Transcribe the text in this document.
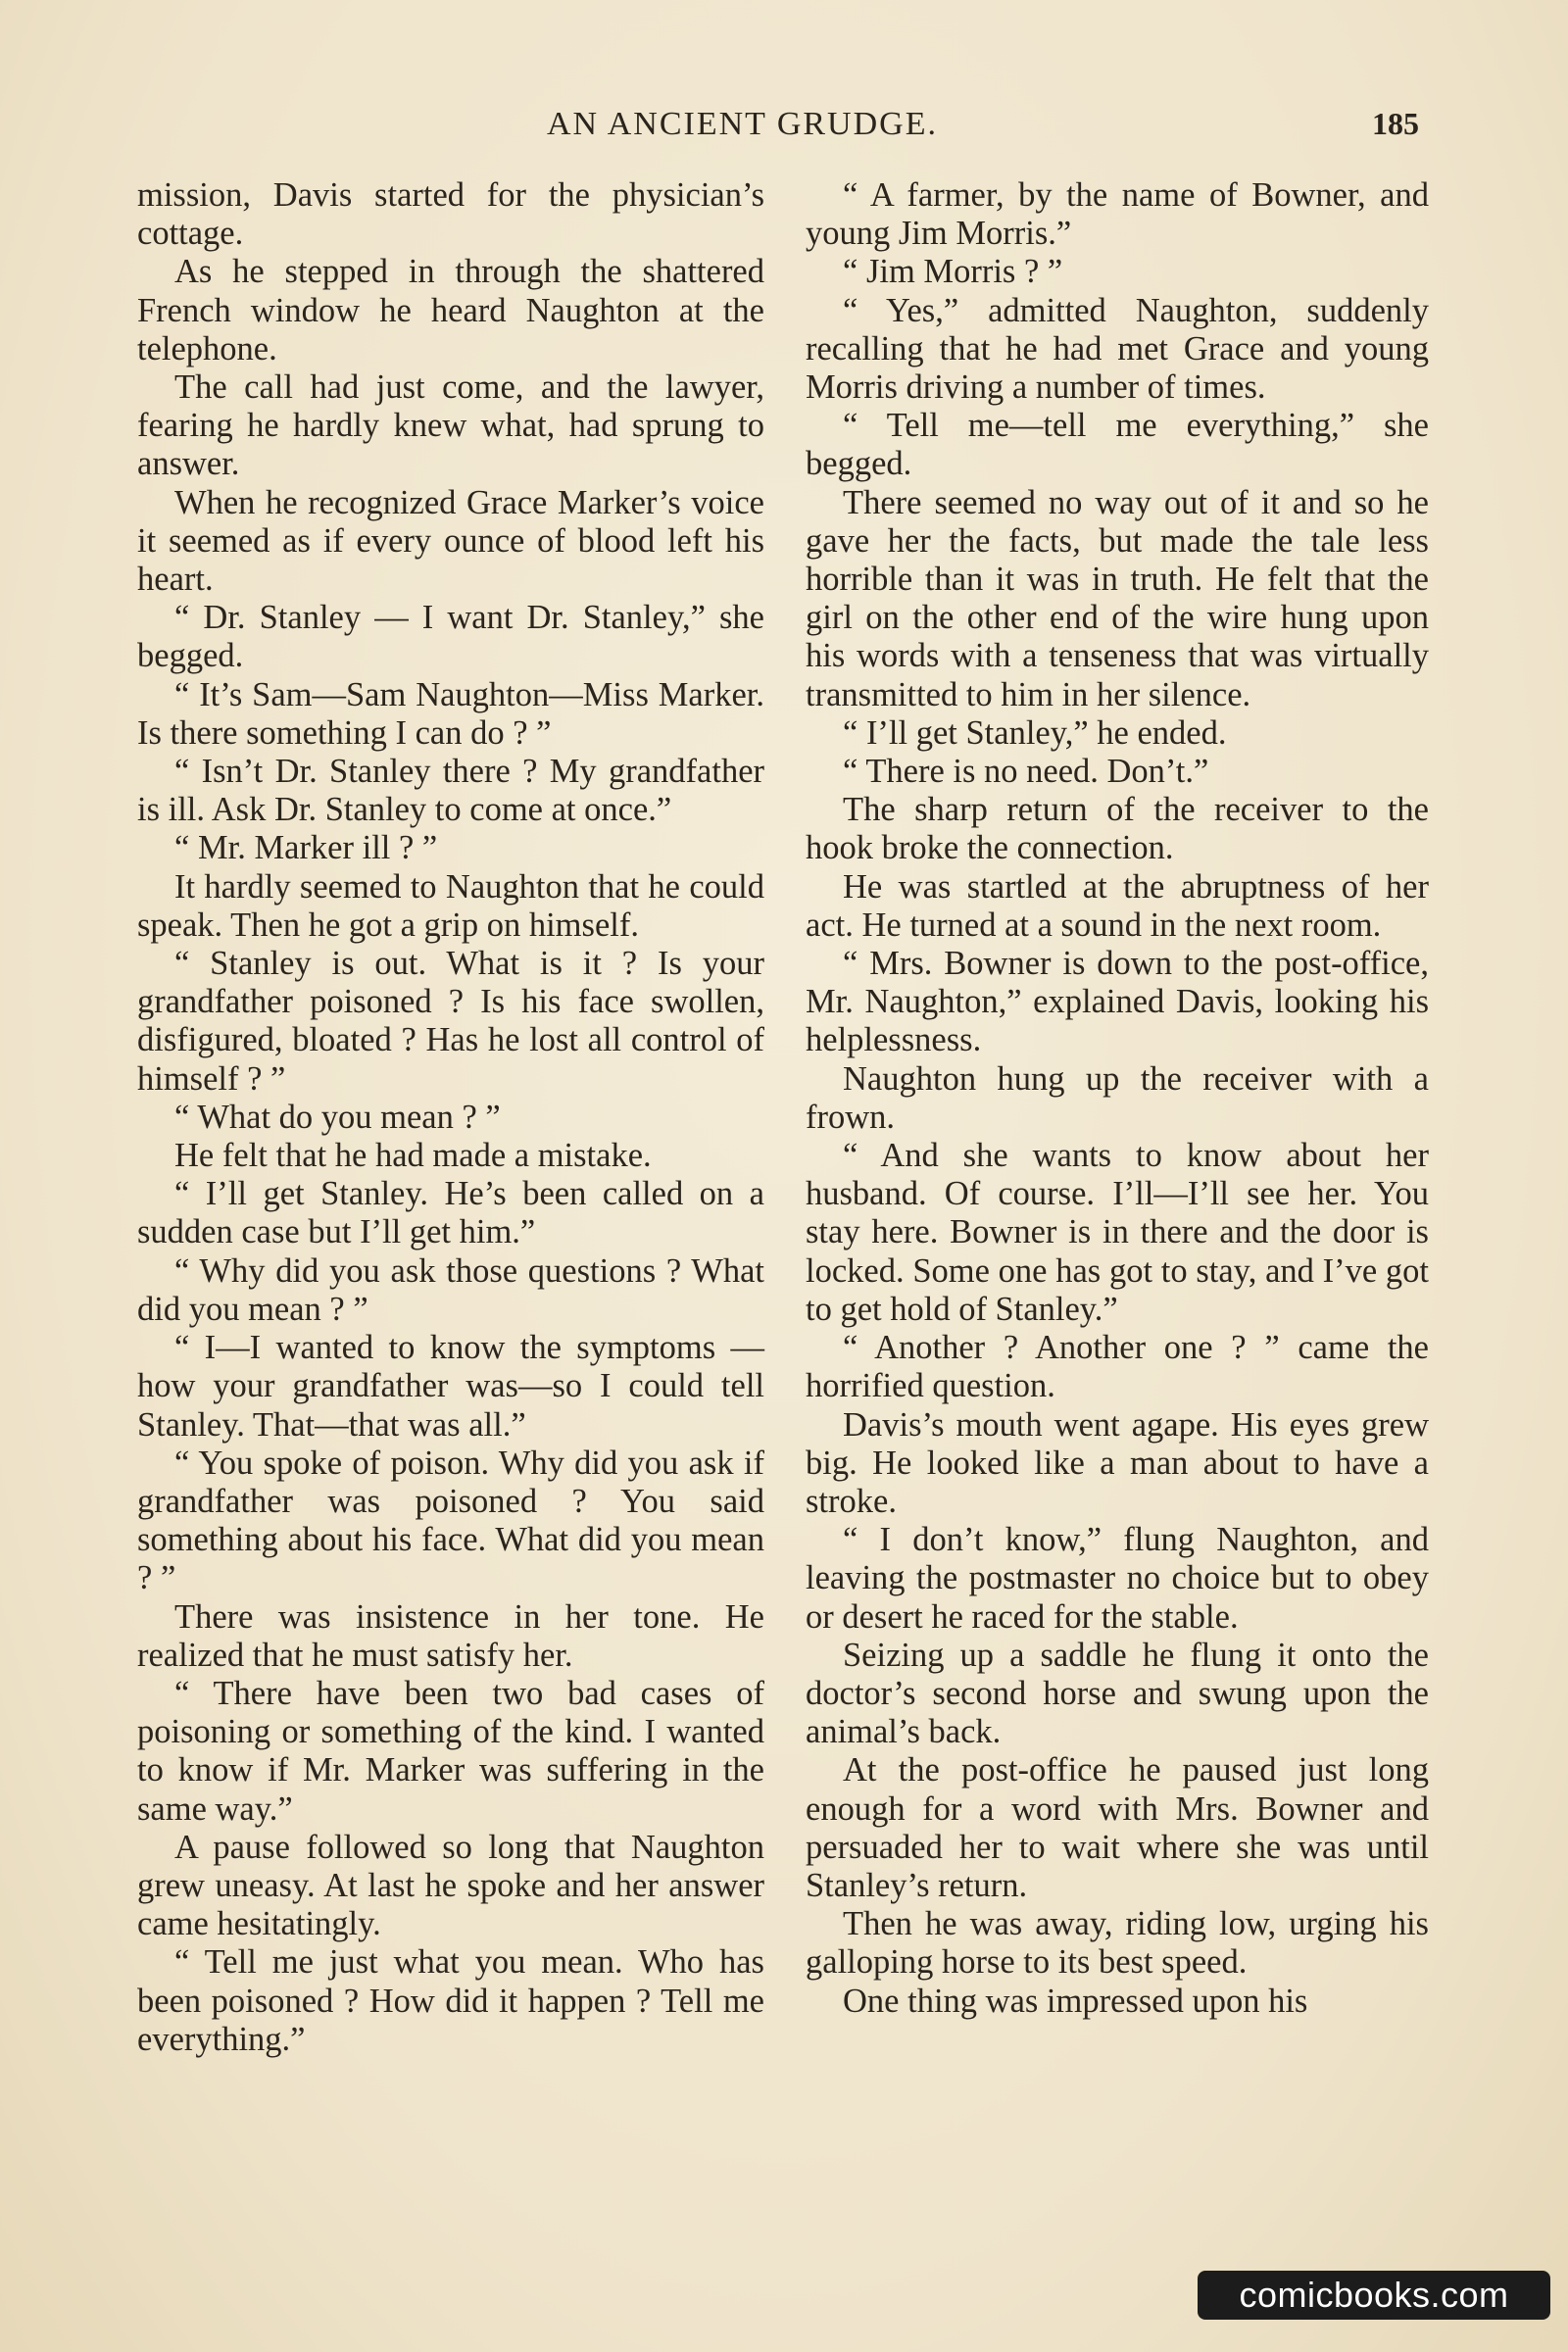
AN ANCIENT GRUDGE.	185

mission, Davis started for the physician’s cottage.

As he stepped in through the shattered French window he heard Naughton at the telephone.

The call had just come, and the lawyer, fearing he hardly knew what, had sprung to answer.

When he recognized Grace Marker’s voice it seemed as if every ounce of blood left his heart.

“ Dr. Stanley — I want Dr. Stanley,” she begged.

“ It’s Sam—Sam Naughton—Miss Marker. Is there something I can do ? ”

“ Isn’t Dr. Stanley there ? My grandfather is ill. Ask Dr. Stanley to come at once.”

“ Mr. Marker ill ? ”

It hardly seemed to Naughton that he could speak. Then he got a grip on himself.

“ Stanley is out. What is it ? Is your grandfather poisoned ? Is his face swollen, disfigured, bloated ? Has he lost all control of himself ? ”

“ What do you mean ? ”

He felt that he had made a mistake.

“ I’ll get Stanley. He’s been called on a sudden case but I’ll get him.”

“ Why did you ask those questions ? What did you mean ? ”

“ I—I wanted to know the symptoms —how your grandfather was—so I could tell Stanley. That—that was all.”

“ You spoke of poison. Why did you ask if grandfather was poisoned ? You said something about his face. What did you mean ? ”

There was insistence in her tone. He realized that he must satisfy her.

“ There have been two bad cases of poisoning or something of the kind. I wanted to know if Mr. Marker was suffering in the same way.”

A pause followed so long that Naughton grew uneasy. At last he spoke and her answer came hesitatingly.

“ Tell me just what you mean. Who has been poisoned ? How did it happen ? Tell me everything.”

“ A farmer, by the name of Bowner, and young Jim Morris.”

“ Jim Morris ? ”

“ Yes,” admitted Naughton, suddenly recalling that he had met Grace and young Morris driving a number of times.

“ Tell me—tell me everything,” she begged.

There seemed no way out of it and so he gave her the facts, but made the tale less horrible than it was in truth. He felt that the girl on the other end of the wire hung upon his words with a tenseness that was virtually transmitted to him in her silence.

“ I’ll get Stanley,” he ended.

“ There is no need. Don’t.”

The sharp return of the receiver to the hook broke the connection.

He was startled at the abruptness of her act. He turned at a sound in the next room.

“ Mrs. Bowner is down to the post-office, Mr. Naughton,” explained Davis, looking his helplessness.

Naughton hung up the receiver with a frown.

“ And she wants to know about her husband. Of course. I’ll—I’ll see her. You stay here. Bowner is in there and the door is locked. Some one has got to stay, and I’ve got to get hold of Stanley.”

“ Another ? Another one ? ” came the horrified question.

Davis’s mouth went agape. His eyes grew big. He looked like a man about to have a stroke.

“ I don’t know,” flung Naughton, and leaving the postmaster no choice but to obey or desert he raced for the stable.

Seizing up a saddle he flung it onto the doctor’s second horse and swung upon the animal’s back.

At the post-office he paused just long enough for a word with Mrs. Bowner and persuaded her to wait where she was until Stanley’s return.

Then he was away, riding low, urging his galloping horse to its best speed.

One thing was impressed upon his

comicbooks.com
